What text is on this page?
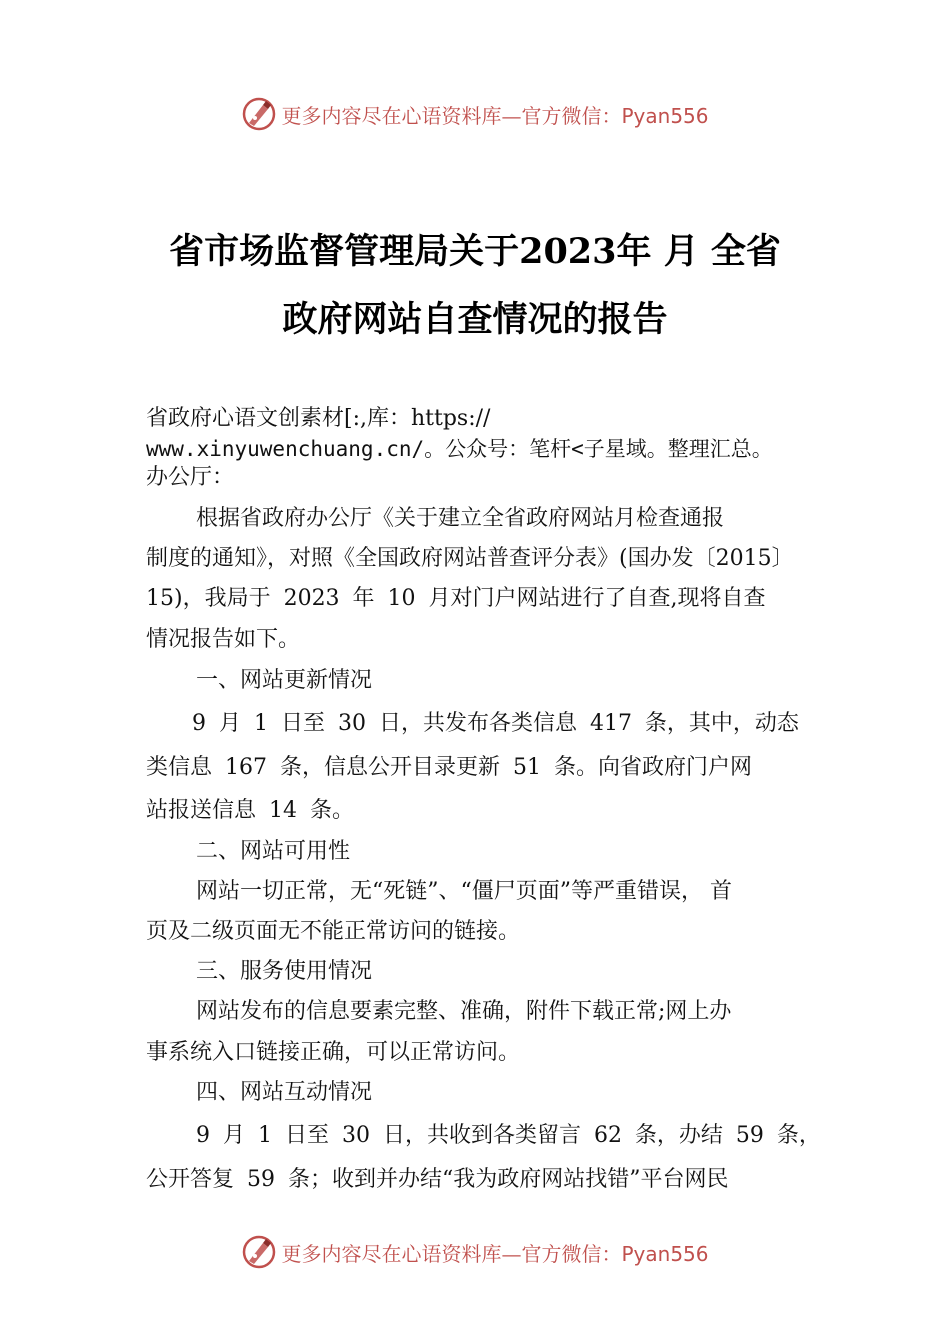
更多内容尽在心语资料库—官方微信：Pyan556
省市场监督管理局关于2023年 月 全省
政府网站自查情况的报告
省政府心语文创素材[:,库：https://
www.xinyuwenchuang.cn/。公众号：笔杆<子星域。整理汇总。
办公厅：
根据省政府办公厅《关于建立全省政府网站月检查通报
制度的通知》，对照《全国政府网站普查评分表》(国办发〔2015〕
15)，我局于 2023 年 10 月对门户网站进行了自查,现将自查
情况报告如下。
一、网站更新情况
9 月 1 日至 30 日，共发布各类信息 417 条，其中，动态
类信息 167 条，信息公开目录更新 51 条。向省政府门户网
站报送信息 14 条。
二、网站可用性
网站一切正常，无“死链”、“僵尸页面”等严重错误， 首
页及二级页面无不能正常访问的链接。
三、服务使用情况
网站发布的信息要素完整、准确，附件下载正常;网上办
事系统入口链接正确，可以正常访问。
四、网站互动情况
9 月 1 日至 30 日，共收到各类留言 62 条，办结 59 条，
公开答复 59 条；收到并办结“我为政府网站找错”平台网民
更多内容尽在心语资料库—官方微信：Pyan556
